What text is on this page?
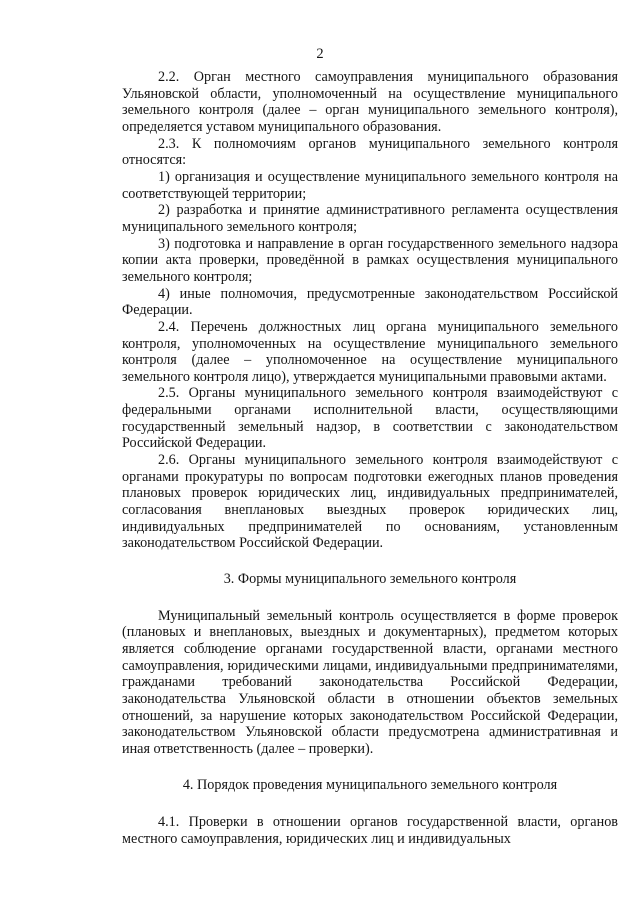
2

2.2. Орган местного самоуправления муниципального образования Ульяновской области, уполномоченный на осуществление муниципального земельного контроля (далее – орган муниципального земельного контроля), определяется уставом муниципального образования.

2.3. К полномочиям органов муниципального земельного контроля относятся:

1) организация и осуществление муниципального земельного контроля на соответствующей территории;

2) разработка и принятие административного регламента осуществления муниципального земельного контроля;

3) подготовка и направление в орган государственного земельного надзора копии акта проверки, проведённой в рамках осуществления муниципального земельного контроля;

4) иные полномочия, предусмотренные законодательством Российской Федерации.

2.4. Перечень должностных лиц органа муниципального земельного контроля, уполномоченных на осуществление муниципального земельного контроля (далее – уполномоченное на осуществление муниципального земельного контроля лицо), утверждается муниципальными правовыми актами.

2.5. Органы муниципального земельного контроля взаимодействуют с федеральными органами исполнительной власти, осуществляющими государственный земельный надзор, в соответствии с законодательством Российской Федерации.

2.6. Органы муниципального земельного контроля взаимодействуют с органами прокуратуры по вопросам подготовки ежегодных планов проведения плановых проверок юридических лиц, индивидуальных предпринимателей, согласования внеплановых выездных проверок юридических лиц, индивидуальных предпринимателей по основаниям, установленным законодательством Российской Федерации.

3. Формы муниципального земельного контроля

Муниципальный земельный контроль осуществляется в форме проверок (плановых и внеплановых, выездных и документарных), предметом которых является соблюдение органами государственной власти, органами местного самоуправления, юридическими лицами, индивидуальными предпринимателями, гражданами требований законодательства Российской Федерации, законодательства Ульяновской области в отношении объектов земельных отношений, за нарушение которых законодательством Российской Федерации, законодательством Ульяновской области предусмотрена административная и иная ответственность (далее – проверки).

4. Порядок проведения муниципального земельного контроля

4.1. Проверки в отношении органов государственной власти, органов местного самоуправления, юридических лиц и индивидуальных
